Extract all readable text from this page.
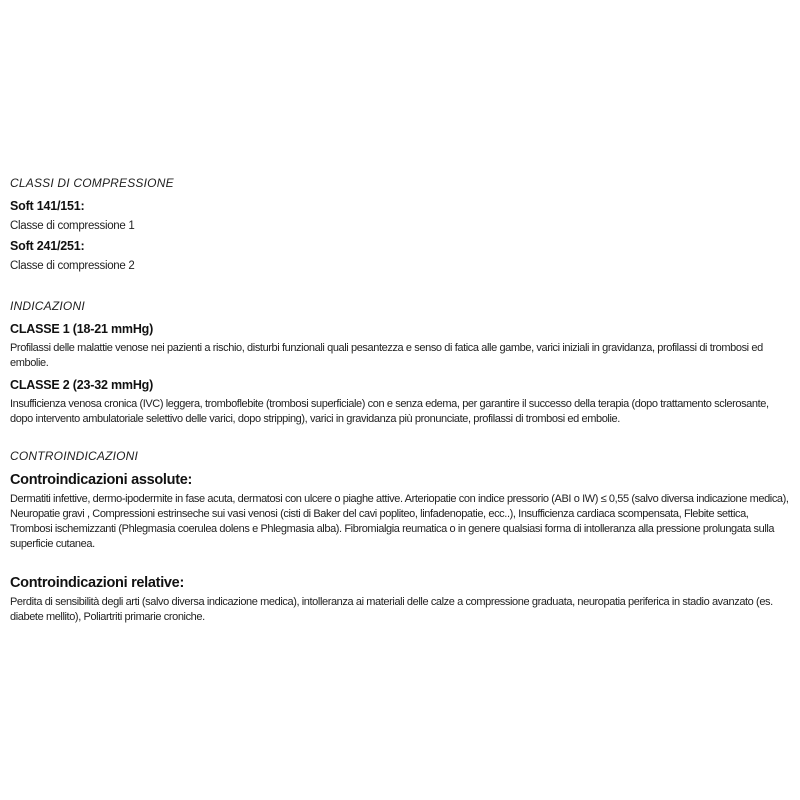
CLASSI DI COMPRESSIONE
Soft 141/151:
Classe di compressione 1
Soft 241/251:
Classe di compressione 2
INDICAZIONI
CLASSE 1 (18-21 mmHg)
Profilassi delle malattie venose nei pazienti a rischio, disturbi funzionali quali pesantezza e senso di fatica alle gambe, varici iniziali in gravidanza, profilassi di trombosi ed embolie.
CLASSE 2 (23-32 mmHg)
Insufficienza venosa cronica (IVC) leggera, tromboflebite (trombosi superficiale) con e senza edema, per garantire il successo della terapia (dopo trattamento sclerosante, dopo intervento ambulatoriale selettivo delle varici, dopo stripping), varici in gravidanza più pronunciate, profilassi di trombosi ed embolie.
CONTROINDICAZIONI
Controindicazioni assolute:
Dermatiti infettive, dermo-ipodermite in fase acuta, dermatosi con ulcere o piaghe attive. Arteriopatie con indice pressorio (ABI o IW) ≤ 0,55 (salvo diversa indicazione medica), Neuropatie gravi , Compressioni estrinseche sui vasi venosi (cisti di Baker del cavi popliteo, linfadenopatie, ecc..), Insufficienza cardiaca scompensata, Flebite settica, Trombosi ischemizzanti (Phlegmasia coerulea dolens e Phlegmasia alba). Fibromialgia reumatica o in genere qualsiasi forma di intolleranza alla pressione prolungata sulla superficie cutanea.
Controindicazioni relative:
Perdita di sensibilità degli arti (salvo diversa indicazione medica), intolleranza ai materiali delle calze a compressione graduata, neuropatia periferica in stadio avanzato (es. diabete mellito), Poliartriti primarie croniche.
